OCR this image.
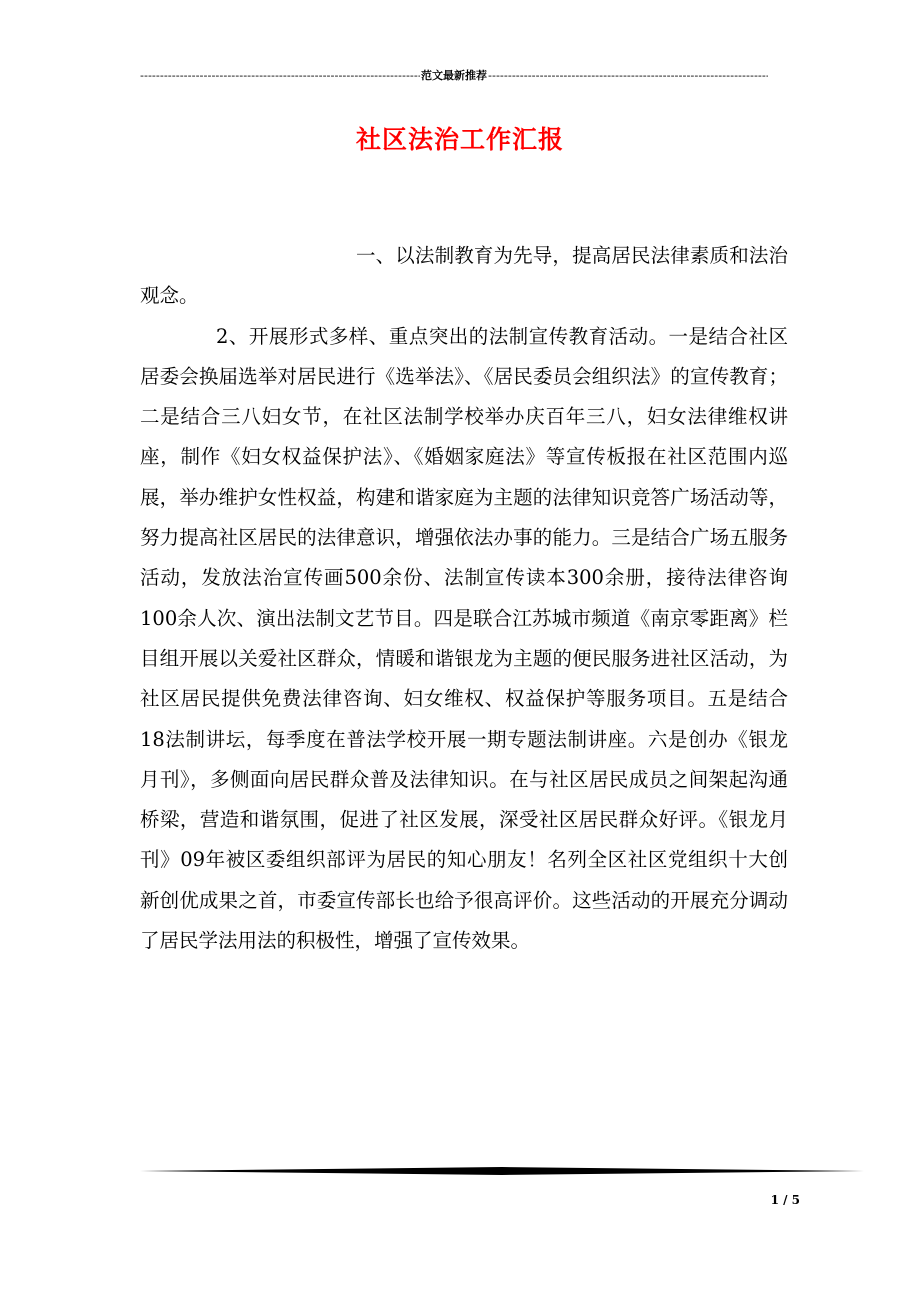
-----
范文最新推荐
-----
社区法治工作汇报

一、以法制教育为先导，提高居民法律素质和法治观念。

2、开展形式多样、重点突出的法制宣传教育活动。一是结合社区居委会换届选举对居民进行《选举法》、《居民委员会组织法》的宣传教育；二是结合三八妇女节，在社区法制学校举办庆百年三八，妇女法律维权讲座，制作《妇女权益保护法》、《婚姻家庭法》等宣传板报在社区范围内巡展，举办维护女性权益，构建和谐家庭为主题的法律知识竞答广场活动等，努力提高社区居民的法律意识，增强依法办事的能力。三是结合广场五服务活动，发放法治宣传画500余份、法制宣传读本300余册，接待法律咨询100余人次、演出法制文艺节目。四是联合江苏城市频道《南京零距离》栏目组开展以关爱社区群众，情暖和谐银龙为主题的便民服务进社区活动，为社区居民提供免费法律咨询、妇女维权、权益保护等服务项目。五是结合18法制讲坛，每季度在普法学校开展一期专题法制讲座。六是创办《银龙月刊》，多侧面向居民群众普及法律知识。在与社区居民成员之间架起沟通桥梁，营造和谐氛围，促进了社区发展，深受社区居民群众好评。《银龙月刊》09年被区委组织部评为居民的知心朋友！名列全区社区党组织十大创新创优成果之首，市委宣传部长也给予很高评价。这些活动的开展充分调动了居民学法用法的积极性，增强了宣传效果。

1 / 5
